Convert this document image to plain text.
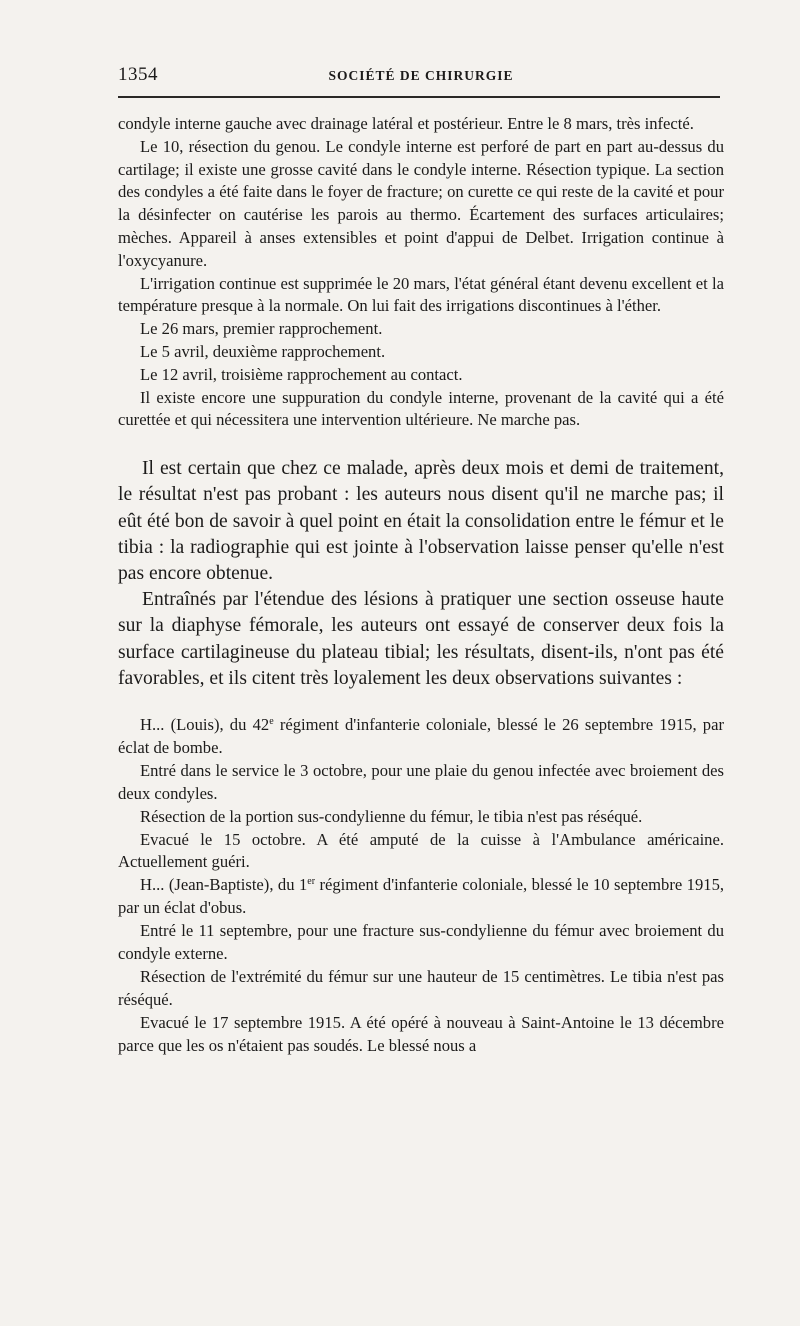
1354	SOCIÉTÉ DE CHIRURGIE

condyle interne gauche avec drainage latéral et postérieur. Entre le 8 mars, très infecté.

Le 10, résection du genou. Le condyle interne est perforé de part en part au-dessus du cartilage; il existe une grosse cavité dans le condyle interne. Résection typique. La section des condyles a été faite dans le foyer de fracture; on curette ce qui reste de la cavité et pour la désinfecter on cautérise les parois au thermo. Écartement des surfaces articulaires; mèches. Appareil à anses extensibles et point d'appui de Delbet. Irrigation continue à l'oxycyanure.

L'irrigation continue est supprimée le 20 mars, l'état général étant devenu excellent et la température presque à la normale. On lui fait des irrigations discontinues à l'éther.

Le 26 mars, premier rapprochement.

Le 5 avril, deuxième rapprochement.

Le 12 avril, troisième rapprochement au contact.

Il existe encore une suppuration du condyle interne, provenant de la cavité qui a été curettée et qui nécessitera une intervention ultérieure. Ne marche pas.

Il est certain que chez ce malade, après deux mois et demi de traitement, le résultat n'est pas probant : les auteurs nous disent qu'il ne marche pas; il eût été bon de savoir à quel point en était la consolidation entre le fémur et le tibia : la radiographie qui est jointe à l'observation laisse penser qu'elle n'est pas encore obtenue.

Entraînés par l'étendue des lésions à pratiquer une section osseuse haute sur la diaphyse fémorale, les auteurs ont essayé de conserver deux fois la surface cartilagineuse du plateau tibial; les résultats, disent-ils, n'ont pas été favorables, et ils citent très loyalement les deux observations suivantes :

H... (Louis), du 42e régiment d'infanterie coloniale, blessé le 26 septembre 1915, par éclat de bombe.

Entré dans le service le 3 octobre, pour une plaie du genou infectée avec broiement des deux condyles.

Résection de la portion sus-condylienne du fémur, le tibia n'est pas réséqué.

Evacué le 15 octobre. A été amputé de la cuisse à l'Ambulance américaine. Actuellement guéri.

H... (Jean-Baptiste), du 1er régiment d'infanterie coloniale, blessé le 10 septembre 1915, par un éclat d'obus.

Entré le 11 septembre, pour une fracture sus-condylienne du fémur avec broiement du condyle externe.

Résection de l'extrémité du fémur sur une hauteur de 15 centimètres. Le tibia n'est pas réséqué.

Evacué le 17 septembre 1915. A été opéré à nouveau à Saint-Antoine le 13 décembre parce que les os n'étaient pas soudés. Le blessé nous a
